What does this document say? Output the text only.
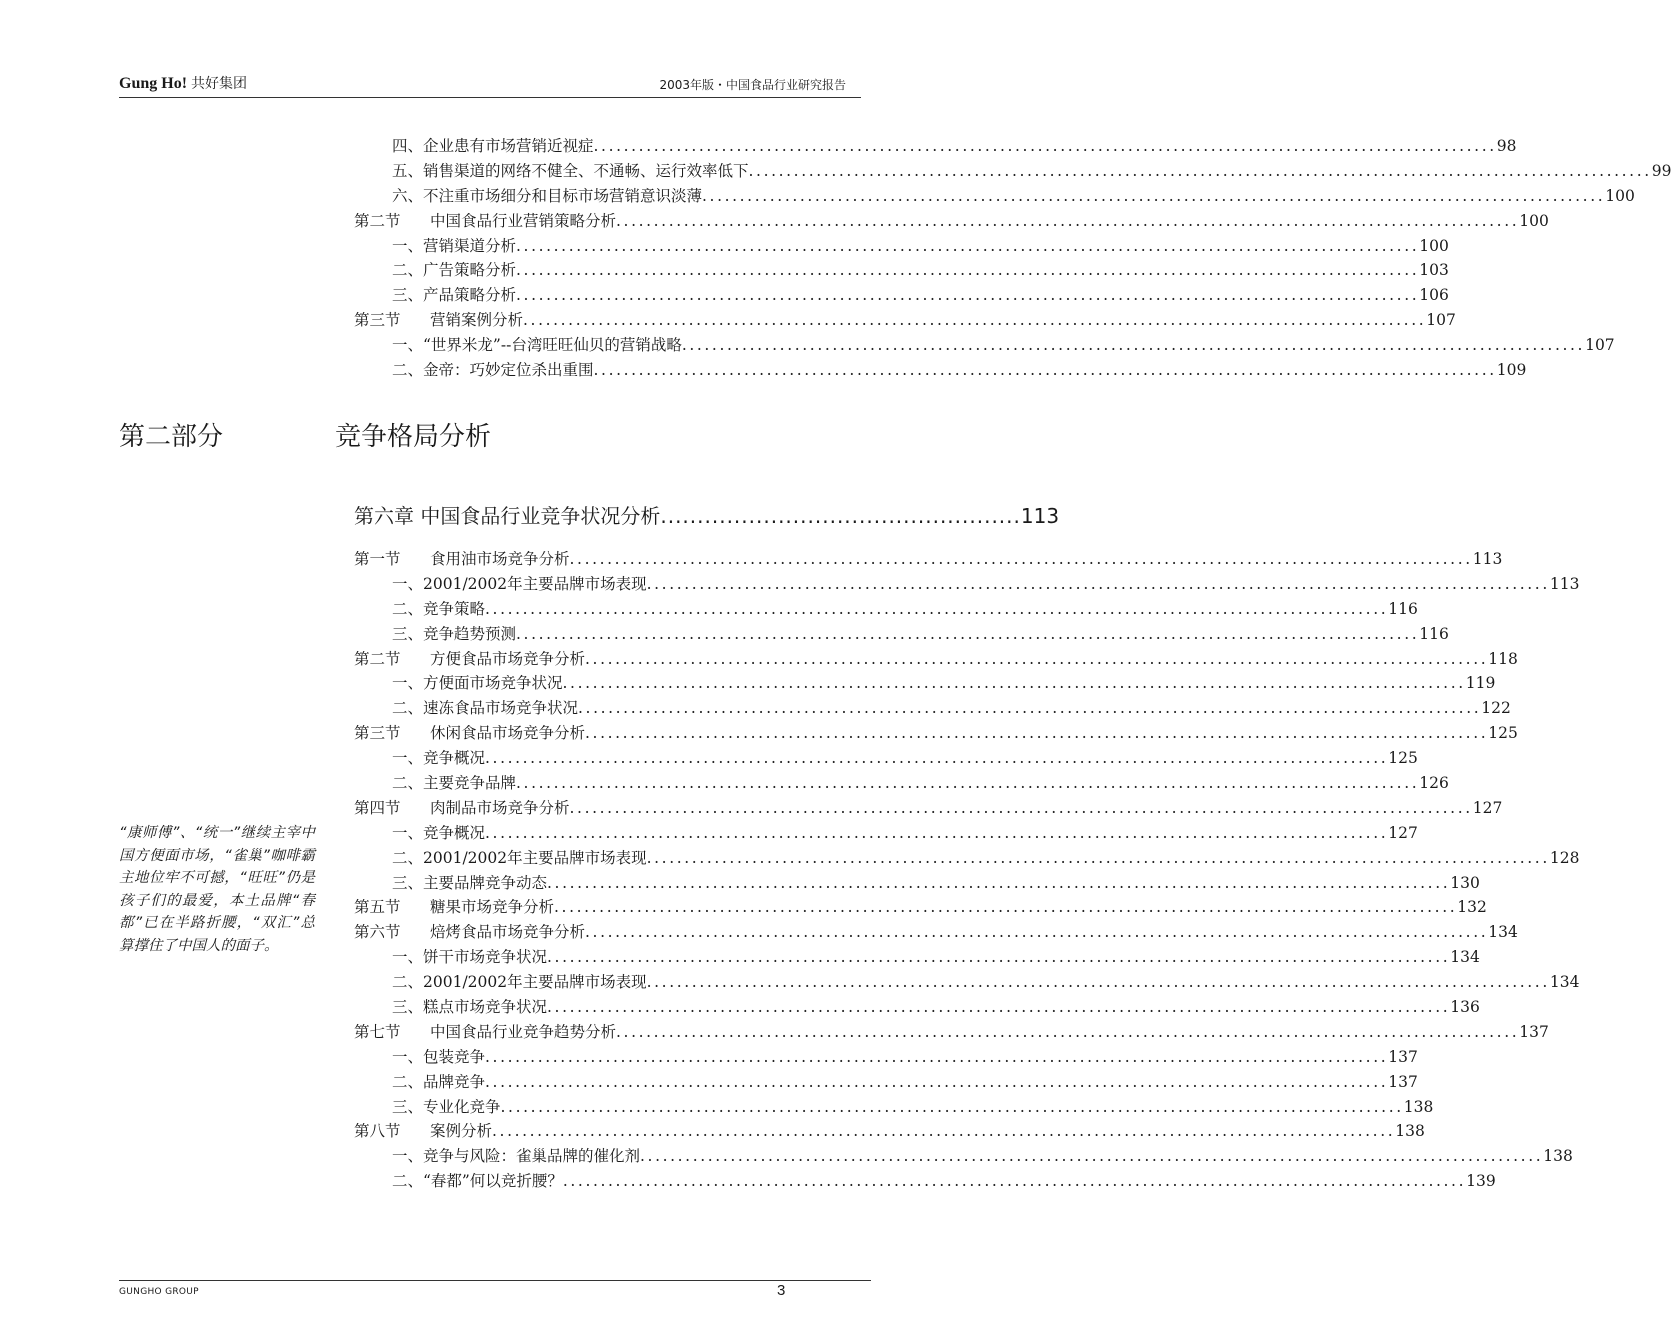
Gung Ho! 共好集团	2003年版・中国食品行业研究报告
四、企业患有市场营销近视症 ........................................................................................................................ 98
五、销售渠道的网络不健全、不通畅、运行效率低下 ........................................................................................................................ 99
六、不注重市场细分和目标市场营销意识淡薄 ........................................................................................................................ 100
第二节	中国食品行业营销策略分析 ........................................................................................................................ 100
一、营销渠道分析 ........................................................................................................................ 100
二、广告策略分析 ........................................................................................................................ 103
三、产品策略分析 ........................................................................................................................ 106
第三节	营销案例分析 ........................................................................................................................ 107
一、“世界米龙”--台湾旺旺仙贝的营销战略 ........................................................................................................................ 107
二、金帝：巧妙定位杀出重围 ........................................................................................................................ 109
第二部分	竞争格局分析
第六章 中国食品行业竞争状况分析 ................................................. 113
第一节	食用油市场竞争分析 ........................................................................................................................ 113
一、2001/2002年主要品牌市场表现 ........................................................................................................................ 113
二、竞争策略 ........................................................................................................................ 116
三、竞争趋势预测 ........................................................................................................................ 116
第二节	方便食品市场竞争分析 ........................................................................................................................ 118
一、方便面市场竞争状况 ........................................................................................................................ 119
二、速冻食品市场竞争状况 ........................................................................................................................ 122
第三节	休闲食品市场竞争分析 ........................................................................................................................ 125
一、竞争概况 ........................................................................................................................ 125
二、主要竞争品牌 ........................................................................................................................ 126
第四节	肉制品市场竞争分析 ........................................................................................................................ 127
一、竞争概况 ........................................................................................................................ 127
二、2001/2002年主要品牌市场表现 ........................................................................................................................ 128
三、主要品牌竞争动态 ........................................................................................................................ 130
第五节	糖果市场竞争分析 ........................................................................................................................ 132
第六节	焙烤食品市场竞争分析 ........................................................................................................................ 134
一、饼干市场竞争状况 ........................................................................................................................ 134
二、2001/2002年主要品牌市场表现 ........................................................................................................................ 134
三、糕点市场竞争状况 ........................................................................................................................ 136
第七节	中国食品行业竞争趋势分析 ........................................................................................................................ 137
一、包装竞争 ........................................................................................................................ 137
二、品牌竞争 ........................................................................................................................ 137
三、专业化竞争 ........................................................................................................................ 138
第八节	案例分析 ........................................................................................................................ 138
一、竞争与风险：雀巢品牌的催化剂 ........................................................................................................................ 138
二、“春都”何以竞折腰？ ........................................................................................................................ 139
“康师傅”、“统一”继续主宰中国方便面市场，“雀巢”咖啡霸主地位牢不可撼，“旺旺”仍是孩子们的最爱，本土品牌“春都”已在半路折腰，“双汇”总算撑住了中国人的面子。
GUNGHO GROUP	3
